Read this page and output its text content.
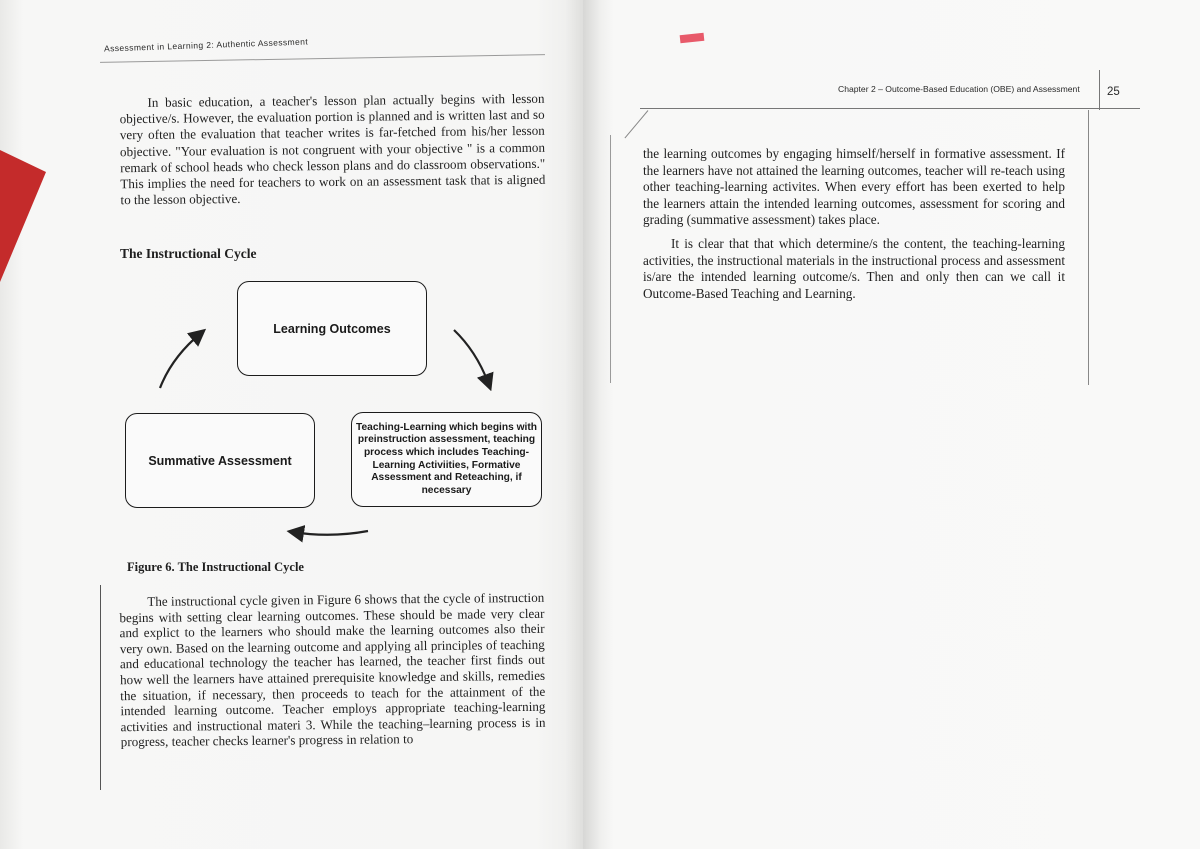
Assessment in Learning 2: Authentic Assessment

In basic education, a teacher's lesson plan actually begins with lesson objective/s. However, the evaluation portion is planned and is written last and so very often the evaluation that teacher writes is far-fetched from his/her lesson objective. "Your evaluation is not congruent with your objective " is a common remark of school heads who check lesson plans and do classroom observations." This implies the need for teachers to work on an assessment task that is aligned to the lesson objective.

The Instructional Cycle
Learning Outcomes
Summative Assessment
Teaching-Learning which begins with preinstruction assessment, teaching process which includes Teaching-Learning Activiities, Formative Assessment and Reteaching, if necessary
Figure 6. The Instructional Cycle

The instructional cycle given in Figure 6 shows that the cycle of instruction begins with setting clear learning outcomes. These should be made very clear and explict to the learners who should make the learning outcomes also their very own. Based on the learning outcome and applying all principles of teaching and educational technology the teacher has learned, the teacher first finds out how well the learners have attained prerequisite knowledge and skills, remedies the situation, if necessary, then proceeds to teach for the attainment of the intended learning outcome. Teacher employs appropriate teaching-learning activities and instructional materi 3. While the teaching–learning process is in progress, teacher checks learner's progress in relation to

Chapter 2 – Outcome-Based Education (OBE) and Assessment 25

the learning outcomes by engaging himself/herself in formative assessment. If the learners have not attained the learning outcomes, teacher will re-teach using other teaching-learning activites. When every effort has been exerted to help the learners attain the intended learning outcomes, assessment for scoring and grading (summative assessment) takes place.

It is clear that that which determine/s the content, the teaching-learning activities, the instructional materials in the instructional process and assessment is/are the intended learning outcome/s. Then and only then can we call it Outcome-Based Teaching and Learning.
